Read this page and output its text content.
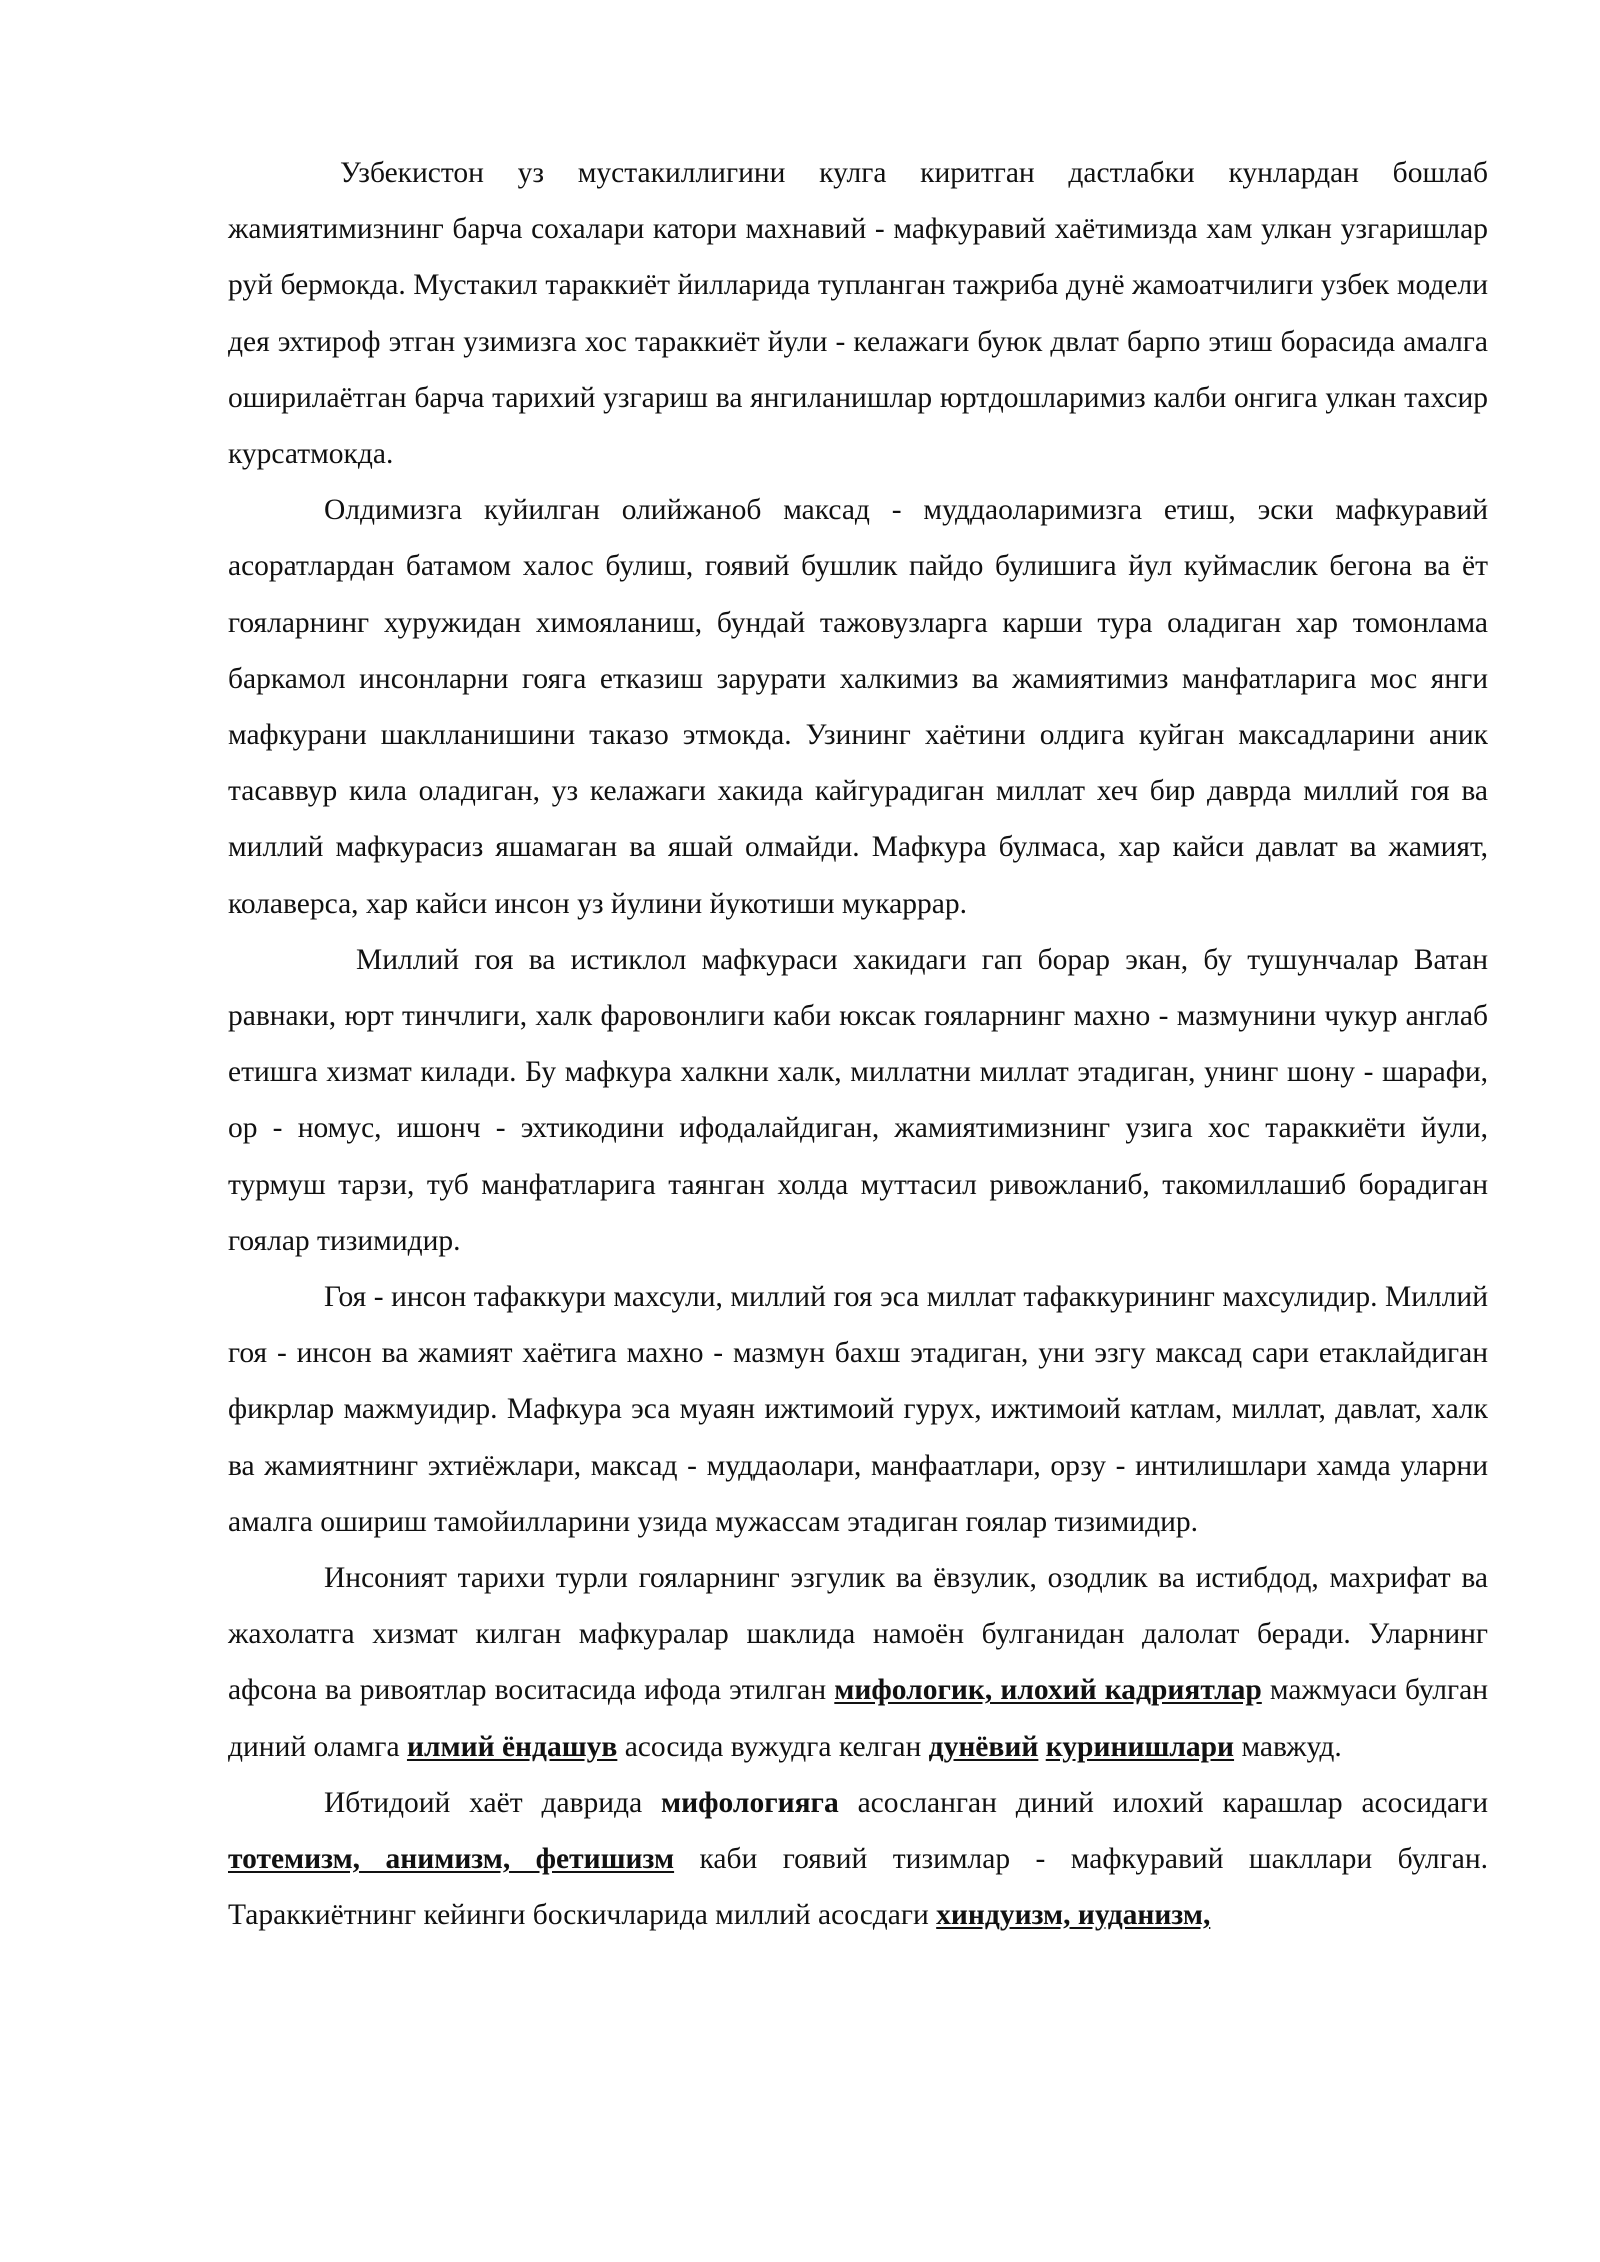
Узбекистон уз мустакиллигини кулга киритган дастлабки кунлардан бошлаб жамиятимизнинг барча сохалари катори махнавий - мафкуравий хаётимизда хам улкан узгаришлар руй бермокда. Мустакил тараккиёт йилларида тупланган тажриба дунё жамоатчилиги узбек модели дея эхтироф этган узимизга хос тараккиёт йули - келажаги буюк двлат барпо этиш борасида амалга оширилаётган барча тарихий узгариш ва янгиланишлар юртдошларимиз калби онгига улкан тахсир курсатмокда.

Олдимизга куйилган олийжаноб максад - муддаоларимизга етиш, эски мафкуравий асоратлардан батамом халос булиш, гоявий бушлик пайдо булишига йул куймаслик бегона ва ёт гояларнинг хуружидан химояланиш, бундай тажовузларга карши тура оладиган хар томонлама баркамол инсонларни гояга етказиш зарурати халкимиз ва жамиятимиз манфатларига мос янги мафкурани шаклланишини таказо этмокда. Узининг хаётини олдига куйган максадларини аник тасаввур кила оладиган, уз келажаги хакида кайгурадиган миллат хеч бир даврда миллий гоя ва миллий мафкурасиз яшамаган ва яшай олмайди. Мафкура булмаса, хар кайси давлат ва жамият, колаверса, хар кайси инсон уз йулини йукотиши мукаррар.

Миллий гоя ва истиклол мафкураси хакидаги гап борар экан, бу тушунчалар Ватан равнаки, юрт тинчлиги, халк фаровонлиги каби юксак гояларнинг махно - мазмунини чукур англаб етишга хизмат килади. Бу мафкура халкни халк, миллатни миллат этадиган, унинг шону - шарафи, ор - номус, ишонч - эхтикодини ифодалайдиган, жамиятимизнинг узига хос тараккиёти йули, турмуш тарзи, туб манфатларига таянган холда муттасил ривожланиб, такомиллашиб борадиган гоялар тизимидир.

Гоя - инсон тафаккури махсули, миллий гоя эса миллат тафаккурининг махсулидир. Миллий гоя - инсон ва жамият хаётига махно - мазмун бахш этадиган, уни эзгу максад сари етаклайдиган фикрлар мажмуидир. Мафкура эса муаян ижтимоий гурух, ижтимоий катлам, миллат, давлат, халк ва жамиятнинг эхтиёжлари, максад - муддаолари, манфаатлари, орзу - интилишлари хамда уларни амалга ошириш тамойилларини узида мужассам этадиган гоялар тизимидир.

Инсоният тарихи турли гояларнинг эзгулик ва ёвзулик, озодлик ва истибдод, махрифат ва жахолатга хизмат килган мафкуралар шаклида намоён булганидан далолат беради. Уларнинг афсона ва ривоятлар воситасида ифода этилган мифологик, илохий кадриятлар мажмуаси булган диний оламга илмий ёндашув асосида вужудга келган дунёвий куринишлари мавжуд.

Ибтидоий хаёт даврида мифологияга асосланган диний илохий карашлар асосидаги тотемизм, анимизм, фетишизм каби гоявий тизимлар - мафкуравий шакллари булган. Тараккиётнинг кейинги боскичларида миллий асосдаги хиндуизм, иуданизм,
